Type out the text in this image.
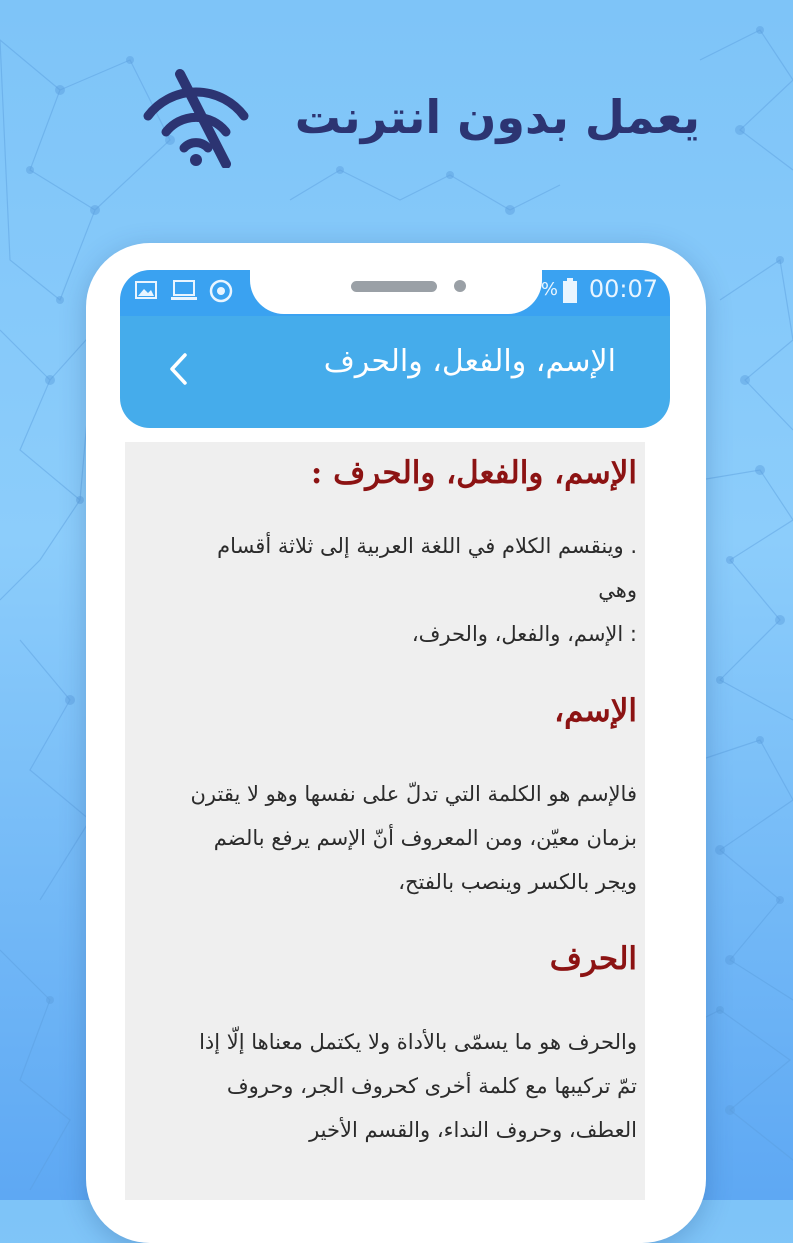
يعمل بدون انترنت
% 00:07
الإسم، والفعل، والحرف
الإسم، والفعل، والحرف :

. وينقسم الكلام في اللغة العربية إلى ثلاثة أقسام

وهي

: الإسم، والفعل، والحرف،

الإسم،

فالإسم هو الكلمة التي تدلّ على نفسها وهو لا يقترن

بزمان معيّن، ومن المعروف أنّ الإسم يرفع بالضم

ويجر بالكسر وينصب بالفتح،

الحرف

والحرف هو ما يسمّى بالأداة ولا يكتمل معناها إلّا إذا

تمّ تركيبها مع كلمة أخرى كحروف الجر، وحروف

العطف، وحروف النداء، والقسم الأخير
